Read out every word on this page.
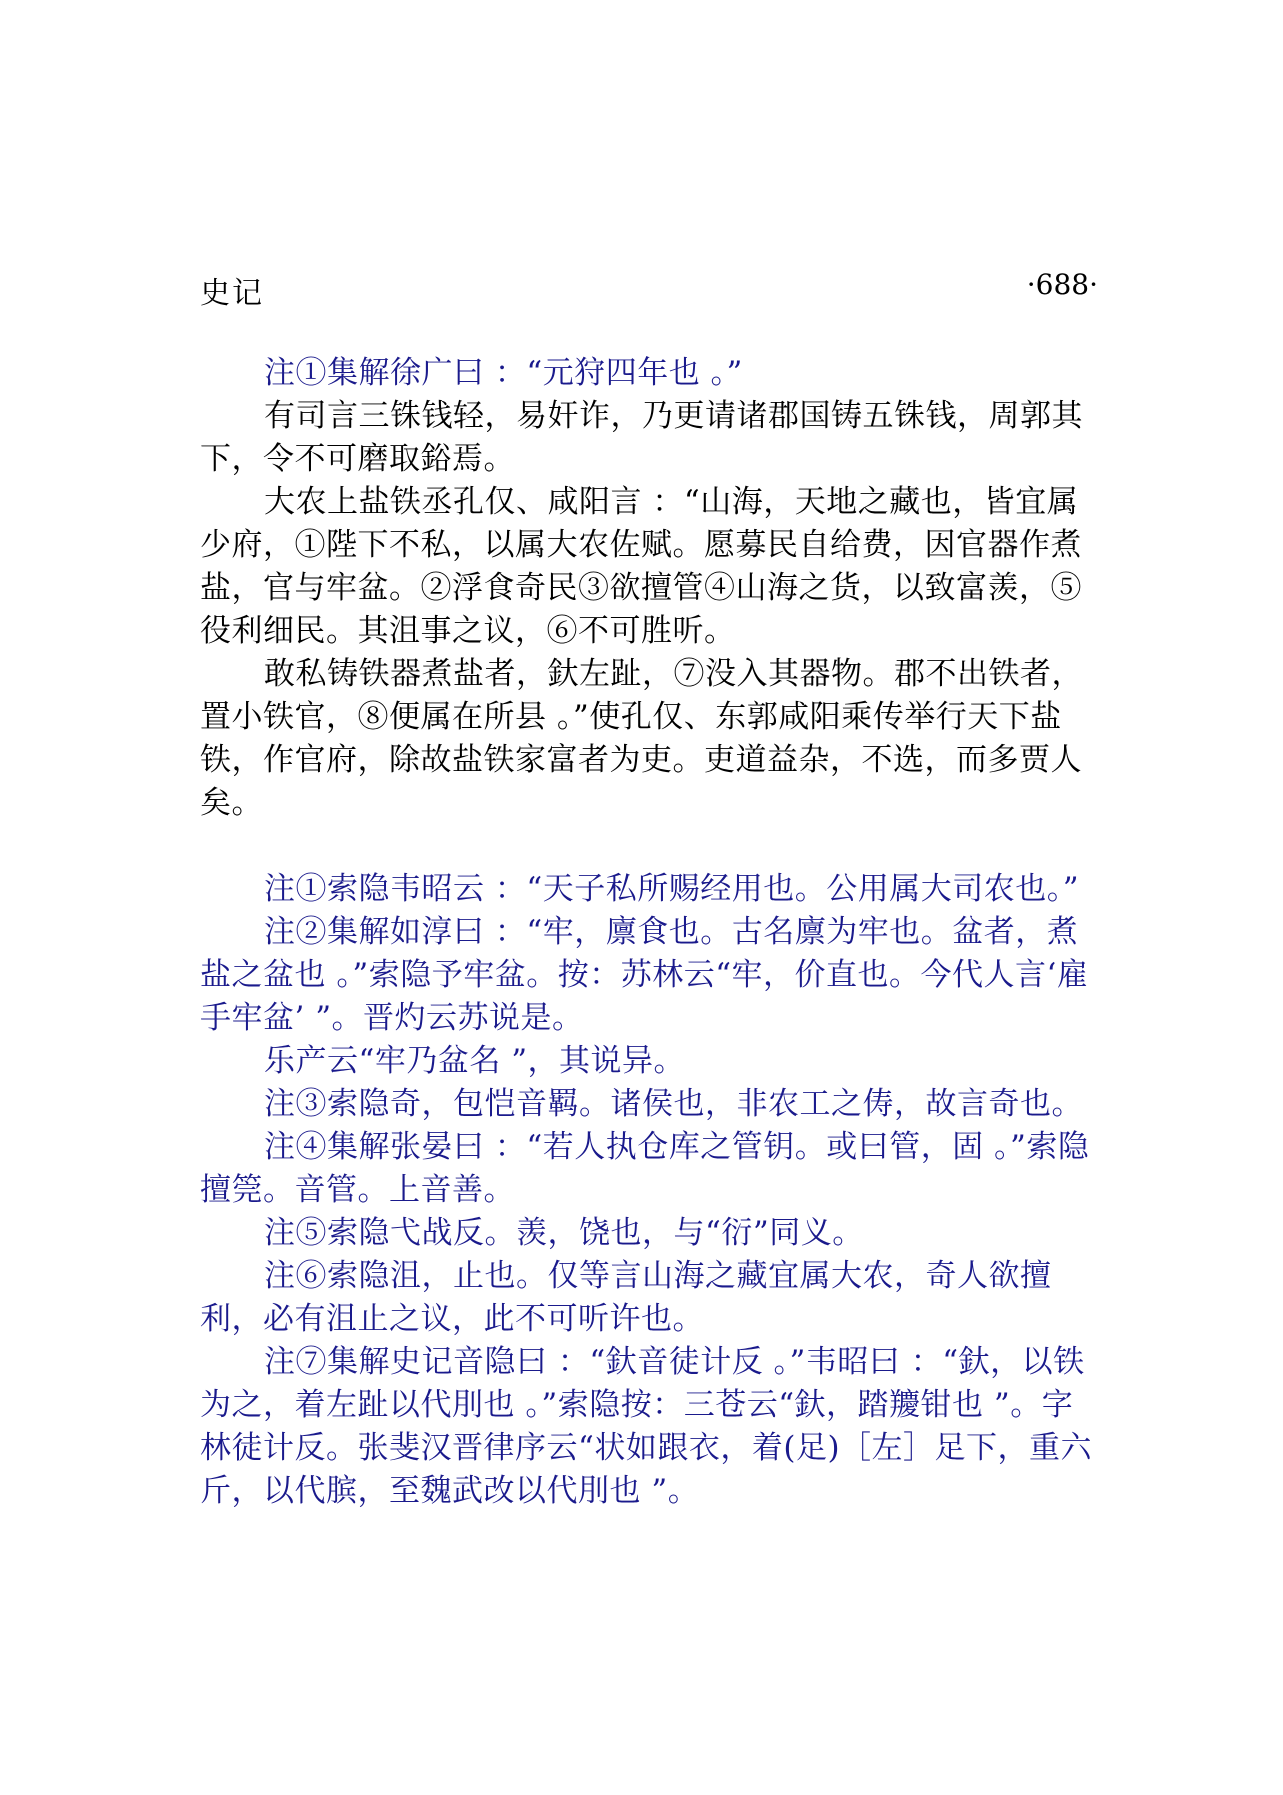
史记	·688·

注①集解徐广曰 ：“元狩四年也 。”

有司言三铢钱轻，易奸诈，乃更请诸郡国铸五铢钱，周郭其下，令不可磨取鋊焉。

大农上盐铁丞孔仅、咸阳言 ：“山海，天地之藏也，皆宜属少府，①陛下不私，以属大农佐赋。愿募民自给费，因官器作煮盐，官与牢盆。②浮食奇民③欲擅管④山海之货，以致富羡，⑤役利细民。其沮事之议，⑥不可胜听。

敢私铸铁器煮盐者，釱左趾，⑦没入其器物。郡不出铁者，置小铁官，⑧便属在所县 。”使孔仅、东郭咸阳乘传举行天下盐铁，作官府，除故盐铁家富者为吏。吏道益杂，不选，而多贾人矣。

注①索隐韦昭云 ：“天子私所赐经用也。公用属大司农也。”

注②集解如淳曰 ：“牢，廪食也。古名廪为牢也。盆者，煮盐之盆也 。”索隐予牢盆。按：苏林云“牢，价直也。今代人言‘雇手牢盆’ ”。晋灼云苏说是。

乐产云“牢乃盆名 ”，其说异。

注③索隐奇，包恺音羁。诸侯也，非农工之俦，故言奇也。

注④集解张晏曰 ：“若人执仓库之管钥。或曰管，固 。”索隐擅筦。音管。上音善。

注⑤索隐弋战反。羡，饶也，与“衍”同义。

注⑥索隐沮，止也。仅等言山海之藏宜属大农，奇人欲擅利，必有沮止之议，此不可听许也。

注⑦集解史记音隐曰 ：“釱音徒计反 。”韦昭曰 ：“釱，以铁为之，着左趾以代刖也 。”索隐按：三苍云“釱，踏羻钳也 ”。字林徒计反。张斐汉晋律序云“状如跟衣，着(足)［左］足下，重六斤，以代膑，至魏武改以代刖也 ”。
